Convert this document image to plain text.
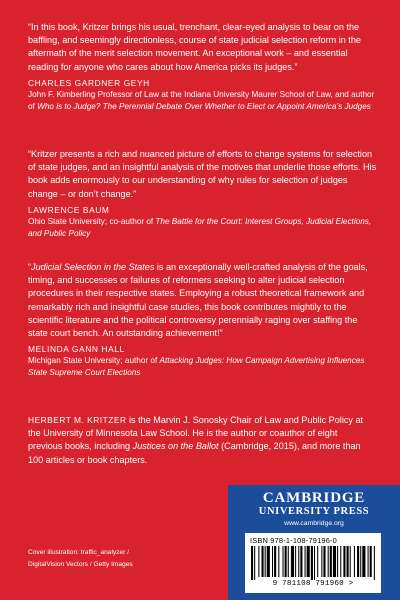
“In this book, Kritzer brings his usual, trenchant, clear-eyed analysis to bear on the baffling, and seemingly directionless, course of state judicial selection reform in the aftermath of the merit selection movement. An exceptional work – and essential reading for anyone who cares about how America picks its judges.”

CHARLES GARDNER GEYH

John F. Kimberling Professor of Law at the Indiana University Maurer School of Law, and author of Who is to Judge? The Perennial Debate Over Whether to Elect or Appoint America’s Judges

“Kritzer presents a rich and nuanced picture of efforts to change systems for selection of state judges, and an insightful analysis of the motives that underlie those efforts. His book adds enormously to our understanding of why rules for selection of judges change – or don’t change.”

LAWRENCE BAUM

Ohio State University; co-author of The Battle for the Court: Interest Groups, Judicial Elections, and Public Policy

“Judicial Selection in the States is an exceptionally well-crafted analysis of the goals, timing, and successes or failures of reformers seeking to alter judicial selection procedures in their respective states. Employing a robust theoretical framework and remarkably rich and insightful case studies, this book contributes mightily to the scientific literature and the political controversy perennially raging over staffing the state court bench. An outstanding achievement!”

MELINDA GANN HALL

Michigan State University; author of Attacking Judges: How Campaign Advertising Influences State Supreme Court Elections

HERBERT M. KRITZER is the Marvin J. Sonosky Chair of Law and Public Policy at the University of Minnesota Law School. He is the author or coauthor of eight previous books, including Justices on the Ballot (Cambridge, 2015), and more than 100 articles or book chapters.

Cover illustration: traffic_analyzer /
DigitalVision Vectors / Getty Images

CAMBRIDGE
UNIVERSITY PRESS
www.cambridge.org
ISBN 978-1-108-79196-0
9 781108 791960 >
